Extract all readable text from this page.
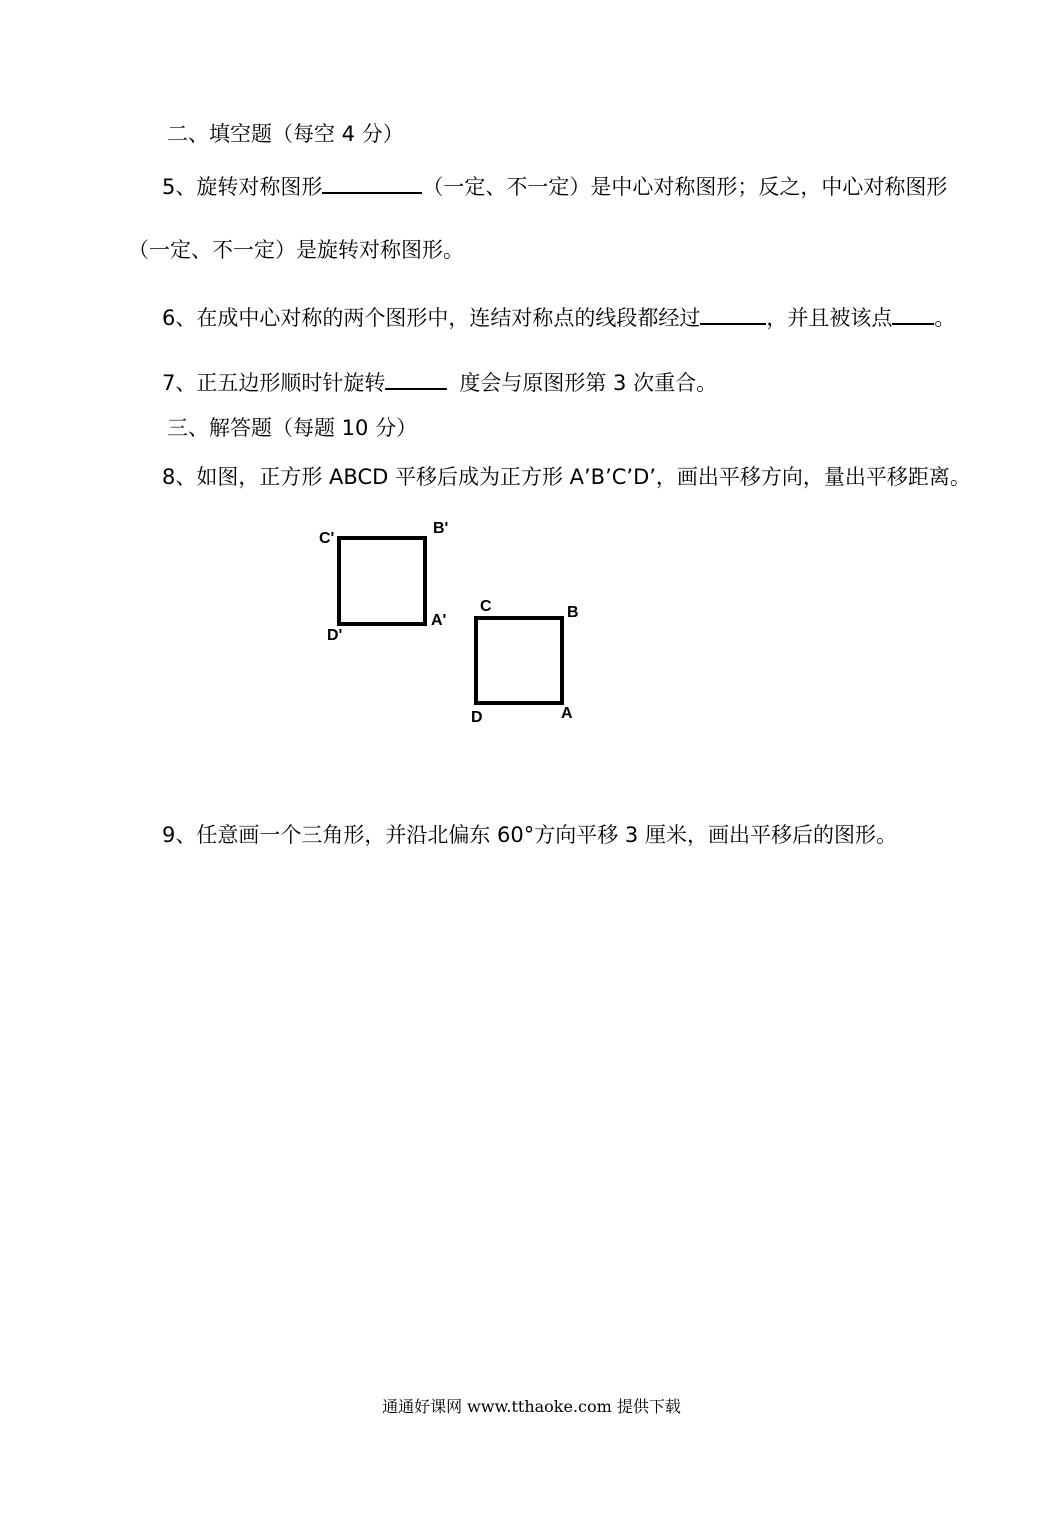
二、填空题（每空 4 分）
5、旋转对称图形	（一定、不一定）是中心对称图形；反之，中心对称图形
（一定、不一定）是旋转对称图形。
6、在成中心对称的两个图形中，连结对称点的线段都经过	，并且被该点 。
7、正五边形顺时针旋转	度会与原图形第 3 次重合。
三、解答题（每题 10 分）
8、如图，正方形 ABCD 平移后成为正方形 A’B’C’D’，画出平移方向，量出平移距离。
C'
B'
D'
A'
C	B
D	A
9、任意画一个三角形，并沿北偏东 60°方向平移 3 厘米，画出平移后的图形。
通通好课网 www.tthaoke.com 提供下载
